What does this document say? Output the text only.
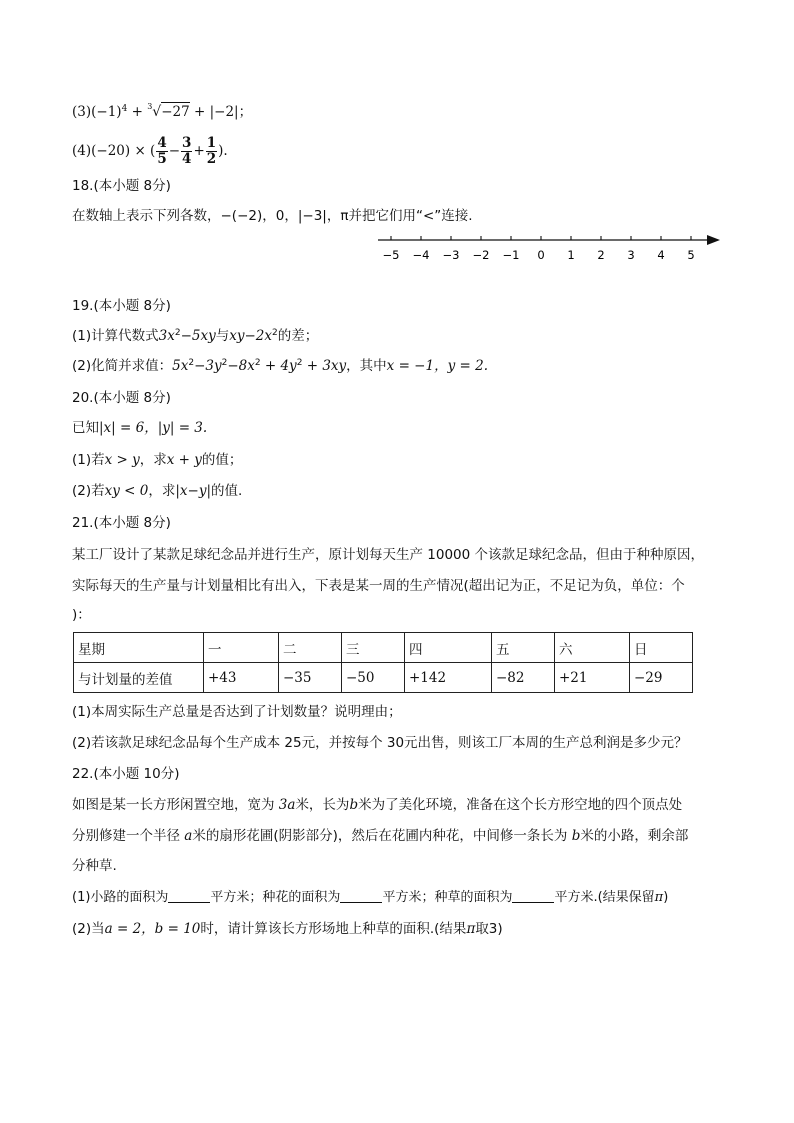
$(3)(-1)^4 + ^3√-27 + |-2|$；
(4)(−20) × ( $\frac{4}{5} - \frac{3}{4} + \frac{1}{2}$ ).
18.(本小题 8分)
在数轴上表示下列各数，−(−2)，0，|−3|，π并把它们用“<”连接.
−5 −4 −3 −2 −1 0 1 2 3 4 5
19.(本小题 8分)
(1)计算代数式$3x^2-5xy$与$xy-2x^2$的差；
(2)化简并求值：$5x^2-3y^2-8x^2 + 4y^2 + 3xy$，其中x = −1，y = 2.
20.(本小题 8分)
已知|x| = 6，|y| = 3.
(1)若x > y，求x + y的值；
(2)若xy < 0，求|x−y|的值.
21.(本小题 8分)
某工厂设计了某款足球纪念品并进行生产，原计划每天生产 10000 个该款足球纪念品，但由于种种原因，
实际每天的生产量与计划量相比有出入，下表是某一周的生产情况(超出记为正，不足记为负，单位：个
)：
星期	一	二	三	四	五	六	日
与计划量的差值	+43	−35	−50	+142	−82	+21	−29
(1)本周实际生产总量是否达到了计划数量？说明理由；
(2)若该款足球纪念品每个生产成本 25元，并按每个 30元出售，则该工厂本周的生产总利润是多少元？
22.(本小题 10分)
如图是某一长方形闲置空地，宽为 3a米，长为b米为了美化环境，准备在这个长方形空地的四个顶点处
分别修建一个半径 a米的扇形花圃(阴影部分)，然后在花圃内种花，中间修一条长为 b米的小路，剩余部
分种草.
(1)小路的面积为	平方米；种花的面积为	平方米；种草的面积为	平方米.(结果保留π)
(2)当a = 2，b = 10时，请计算该长方形场地上种草的面积.(结果π取3)
